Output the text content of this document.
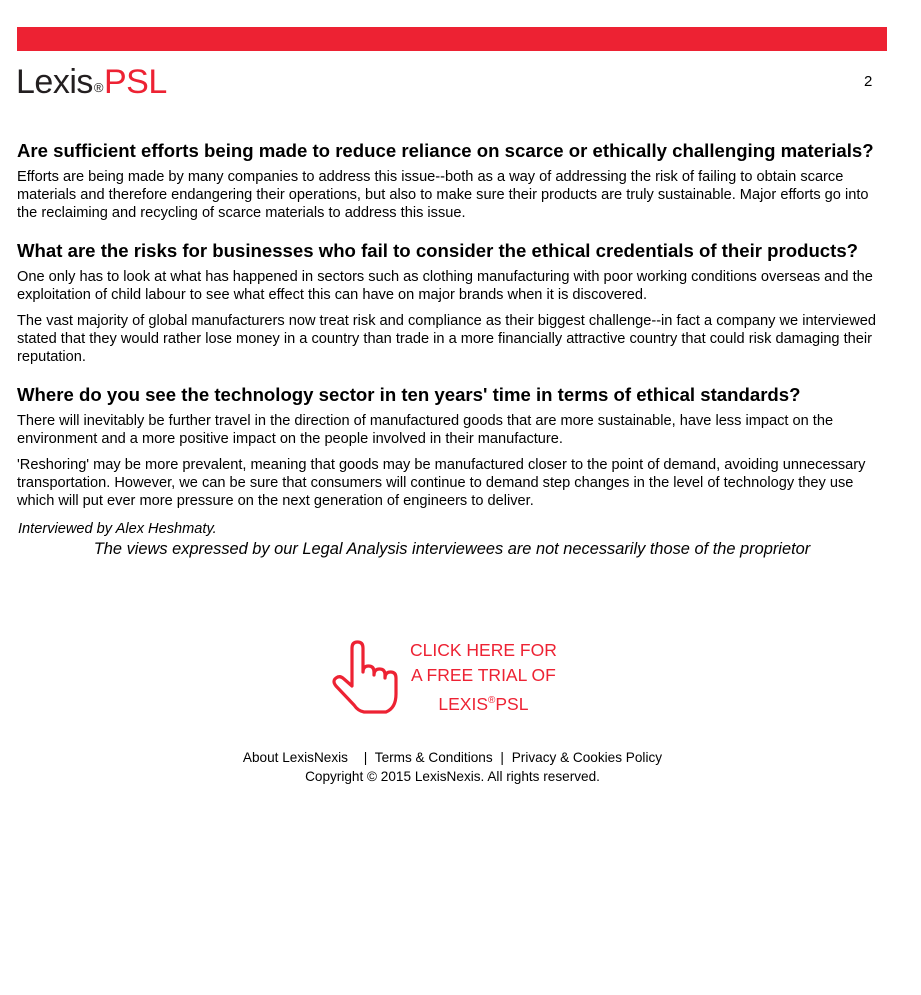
Lexis®PSL	2
Are sufficient efforts being made to reduce reliance on scarce or ethically challenging materials?

Efforts are being made by many companies to address this issue--both as a way of addressing the risk of failing to obtain scarce materials and therefore endangering their operations, but also to make sure their products are truly sustainable. Major efforts go into the reclaiming and recycling of scarce materials to address this issue.

What are the risks for businesses who fail to consider the ethical credentials of their products?

One only has to look at what has happened in sectors such as clothing manufacturing with poor working conditions overseas and the exploitation of child labour to see what effect this can have on major brands when it is discovered.

The vast majority of global manufacturers now treat risk and compliance as their biggest challenge--in fact a company we interviewed stated that they would rather lose money in a country than trade in a more financially attractive country that could risk damaging their reputation.

Where do you see the technology sector in ten years' time in terms of ethical standards?

There will inevitably be further travel in the direction of manufactured goods that are more sustainable, have less impact on the environment and a more positive impact on the people involved in their manufacture.

'Reshoring' may be more prevalent, meaning that goods may be manufactured closer to the point of demand, avoiding unnecessary transportation. However, we can be sure that consumers will continue to demand step changes in the level of technology they use which will put ever more pressure on the next generation of engineers to deliver.

Interviewed by Alex Heshmaty.
The views expressed by our Legal Analysis interviewees are not necessarily those of the proprietor
CLICK HERE FOR
A FREE TRIAL OF
LEXIS®PSL
About LexisNexis | Terms & Conditions | Privacy & Cookies Policy
Copyright © 2015 LexisNexis. All rights reserved.
